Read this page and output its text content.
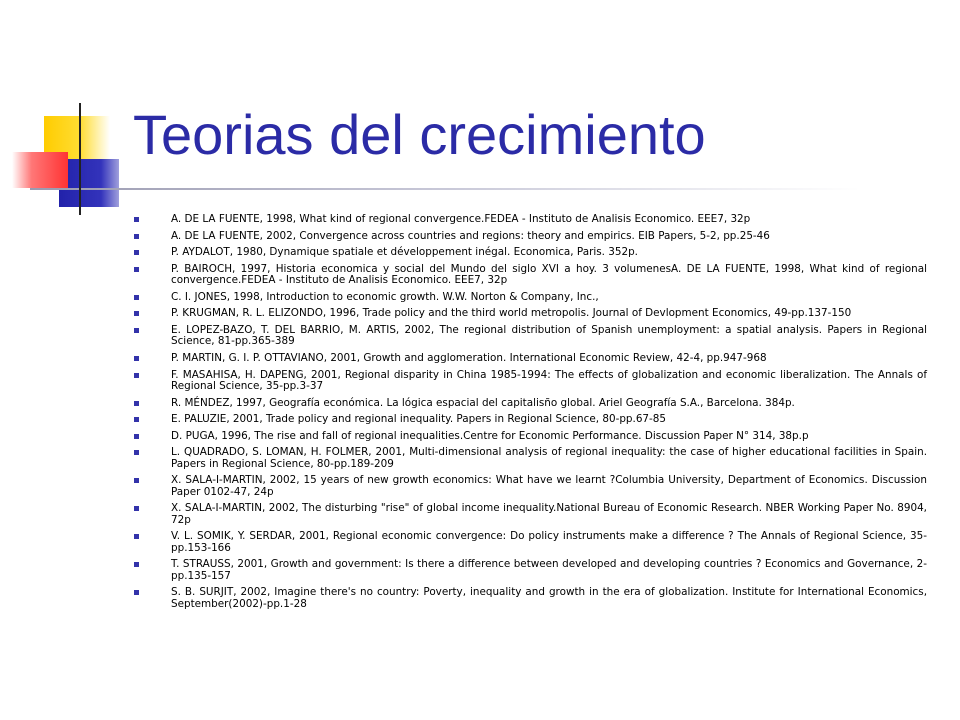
Teorias del crecimiento
A. DE LA FUENTE, 1998, What kind of regional convergence.FEDEA - Instituto de Analisis Economico. EEE7, 32p
A. DE LA FUENTE, 2002, Convergence across countries and regions: theory and empirics. EIB Papers, 5-2, pp.25-46
P. AYDALOT, 1980, Dynamique spatiale et développement inégal. Economica, Paris. 352p.
P. BAIROCH, 1997, Historia economica y social del Mundo del siglo XVI a hoy. 3 volumenesA. DE LA FUENTE, 1998, What kind of regional convergence.FEDEA - Instituto de Analisis Economico. EEE7, 32p
C. I. JONES, 1998, Introduction to economic growth. W.W. Norton & Company, Inc.,
P. KRUGMAN, R. L. ELIZONDO, 1996, Trade policy and the third world metropolis. Journal of Devlopment Economics, 49-pp.137-150
E. LOPEZ-BAZO, T. DEL BARRIO, M. ARTIS, 2002, The regional distribution of Spanish unemployment: a spatial analysis. Papers in Regional Science, 81-pp.365-389
P. MARTIN, G. I. P. OTTAVIANO, 2001, Growth and agglomeration. International Economic Review, 42-4, pp.947-968
F. MASAHISA, H. DAPENG, 2001, Regional disparity in China 1985-1994: The effects of globalization and economic liberalization. The Annals of Regional Science, 35-pp.3-37
R. MÉNDEZ, 1997, Geografía económica. La lógica espacial del capitalisño global. Ariel Geografía S.A., Barcelona. 384p.
E. PALUZIE, 2001, Trade policy and regional inequality. Papers in Regional Science, 80-pp.67-85
D. PUGA, 1996, The rise and fall of regional inequalities.Centre for Economic Performance. Discussion Paper N° 314, 38p.p
L. QUADRADO, S. LOMAN, H. FOLMER, 2001, Multi-dimensional analysis of regional inequality: the case of higher educational facilities in Spain. Papers in Regional Science, 80-pp.189-209
X. SALA-I-MARTIN, 2002, 15 years of new growth economics: What have we learnt ?Columbia University, Department of Economics. Discussion Paper 0102-47, 24p
X. SALA-I-MARTIN, 2002, The disturbing "rise" of global income inequality.National Bureau of Economic Research. NBER Working Paper No. 8904, 72p
V. L. SOMIK, Y. SERDAR, 2001, Regional economic convergence: Do policy instruments make a difference ? The Annals of Regional Science, 35-pp.153-166
T. STRAUSS, 2001, Growth and government: Is there a difference between developed and developing countries ? Economics and Governance, 2-pp.135-157
S. B. SURJIT, 2002, Imagine there's no country: Poverty, inequality and growth in the era of globalization. Institute for International Economics, September(2002)-pp.1-28
